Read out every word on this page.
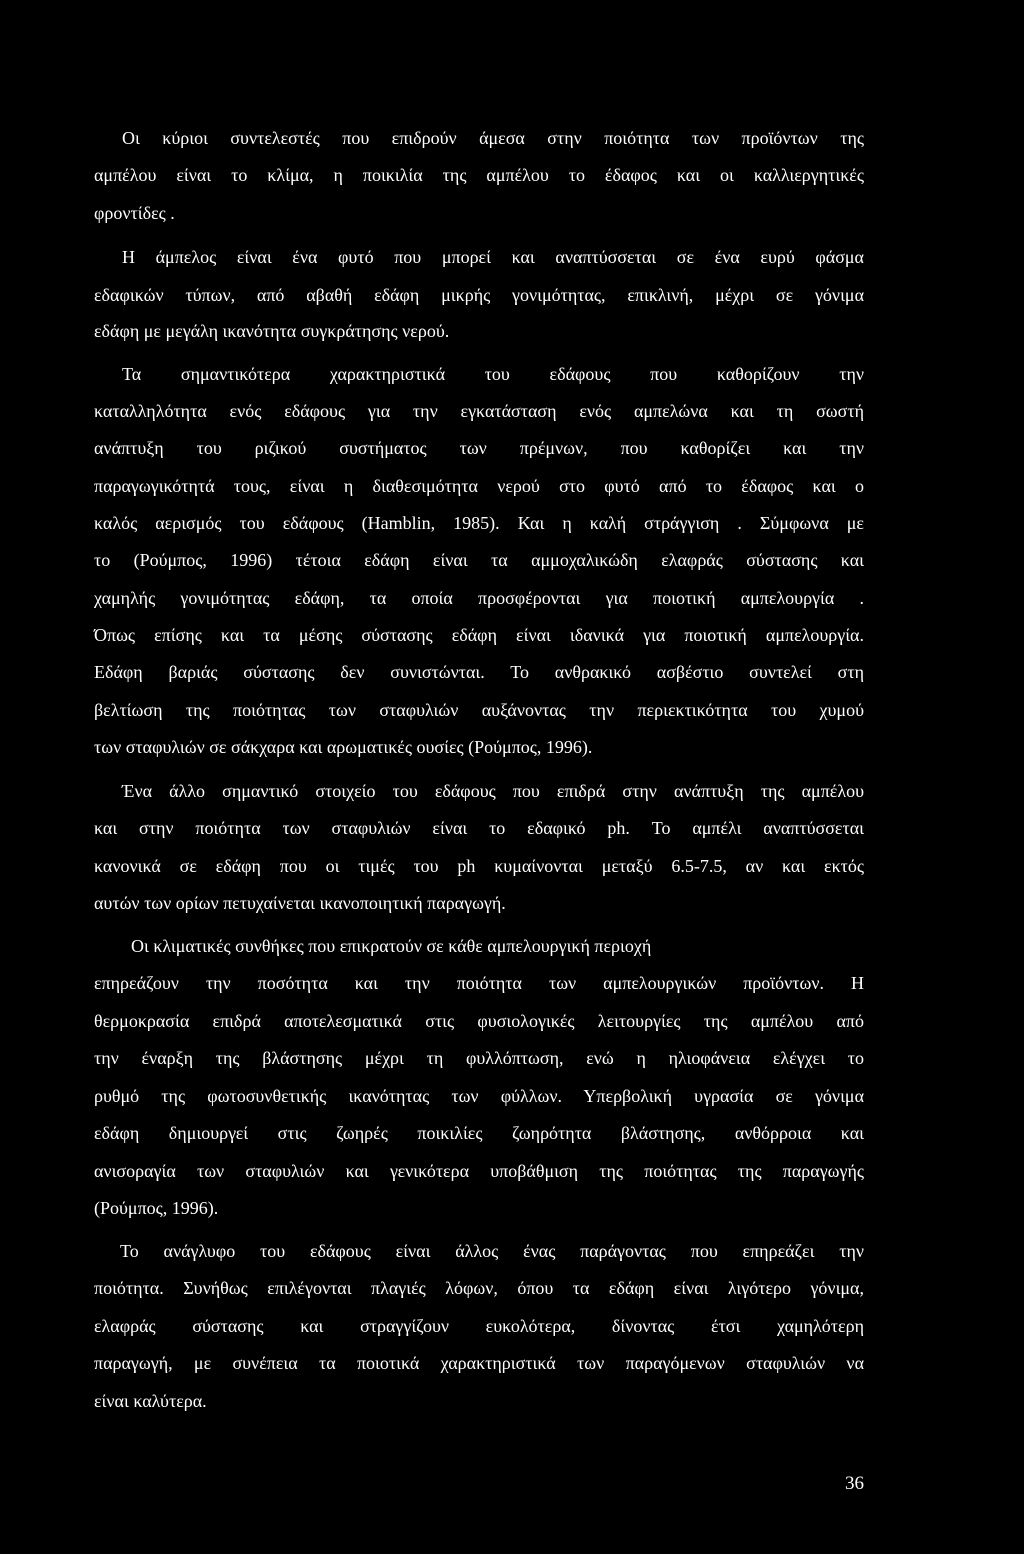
Οι κύριοι συντελεστές που επιδρούν άμεσα στην ποιότητα των προϊόντων της

αμπέλου είναι το κλίμα, η ποικιλία της αμπέλου το έδαφος και οι καλλιεργητικές

φροντίδες .

Η άμπελος είναι ένα φυτό που μπορεί και αναπτύσσεται σε ένα ευρύ φάσμα

εδαφικών τύπων, από αβαθή εδάφη μικρής γονιμότητας, επικλινή, μέχρι σε γόνιμα

εδάφη με μεγάλη ικανότητα συγκράτησης νερού.

Τα σημαντικότερα χαρακτηριστικά του εδάφους που καθορίζουν την

καταλληλότητα ενός εδάφους για την εγκατάσταση ενός αμπελώνα και τη σωστή

ανάπτυξη του ριζικού συστήματος των πρέμνων, που καθορίζει και την

παραγωγικότητά τους, είναι η διαθεσιμότητα νερού στο φυτό από το έδαφος και ο

καλός αερισμός του εδάφους (Hamblin, 1985). Και η καλή στράγγιση . Σύμφωνα με

το (Ρούμπος, 1996) τέτοια εδάφη είναι τα αμμοχαλικώδη ελαφράς σύστασης και

χαμηλής γονιμότητας εδάφη, τα οποία προσφέρονται για ποιοτική αμπελουργία .

Όπως επίσης και τα μέσης σύστασης εδάφη είναι ιδανικά για ποιοτική αμπελουργία.

Εδάφη βαριάς σύστασης δεν συνιστώνται. Το ανθρακικό ασβέστιο συντελεί στη

βελτίωση της ποιότητας των σταφυλιών αυξάνοντας την περιεκτικότητα του χυμού

των σταφυλιών σε σάκχαρα και αρωματικές ουσίες (Ρούμπος, 1996).

Ένα άλλο σημαντικό στοιχείο του εδάφους που επιδρά στην ανάπτυξη της αμπέλου

και στην ποιότητα των σταφυλιών είναι το εδαφικό ph. Το αμπέλι αναπτύσσεται

κανονικά σε εδάφη που οι τιμές του ph κυμαίνονται μεταξύ 6.5-7.5, αν και εκτός

αυτών των ορίων πετυχαίνεται ικανοποιητική παραγωγή.

Οι κλιματικές συνθήκες που επικρατούν σε κάθε αμπελουργική περιοχή

επηρεάζουν την ποσότητα και την ποιότητα των αμπελουργικών προϊόντων. Η

θερμοκρασία επιδρά αποτελεσματικά στις φυσιολογικές λειτουργίες της αμπέλου από

την έναρξη της βλάστησης μέχρι τη φυλλόπτωση, ενώ η ηλιοφάνεια ελέγχει το

ρυθμό της φωτοσυνθετικής ικανότητας των φύλλων. Υπερβολική υγρασία σε γόνιμα

εδάφη δημιουργεί στις ζωηρές ποικιλίες ζωηρότητα βλάστησης, ανθόρροια και

ανισοραγία των σταφυλιών και γενικότερα υποβάθμιση της ποιότητας της παραγωγής

(Ρούμπος, 1996).

Το ανάγλυφο του εδάφους είναι άλλος ένας παράγοντας που επηρεάζει την

ποιότητα. Συνήθως επιλέγονται πλαγιές λόφων, όπου τα εδάφη είναι λιγότερο γόνιμα,

ελαφράς σύστασης και στραγγίζουν ευκολότερα, δίνοντας έτσι χαμηλότερη

παραγωγή, με συνέπεια τα ποιοτικά χαρακτηριστικά των παραγόμενων σταφυλιών να

είναι καλύτερα.

36
